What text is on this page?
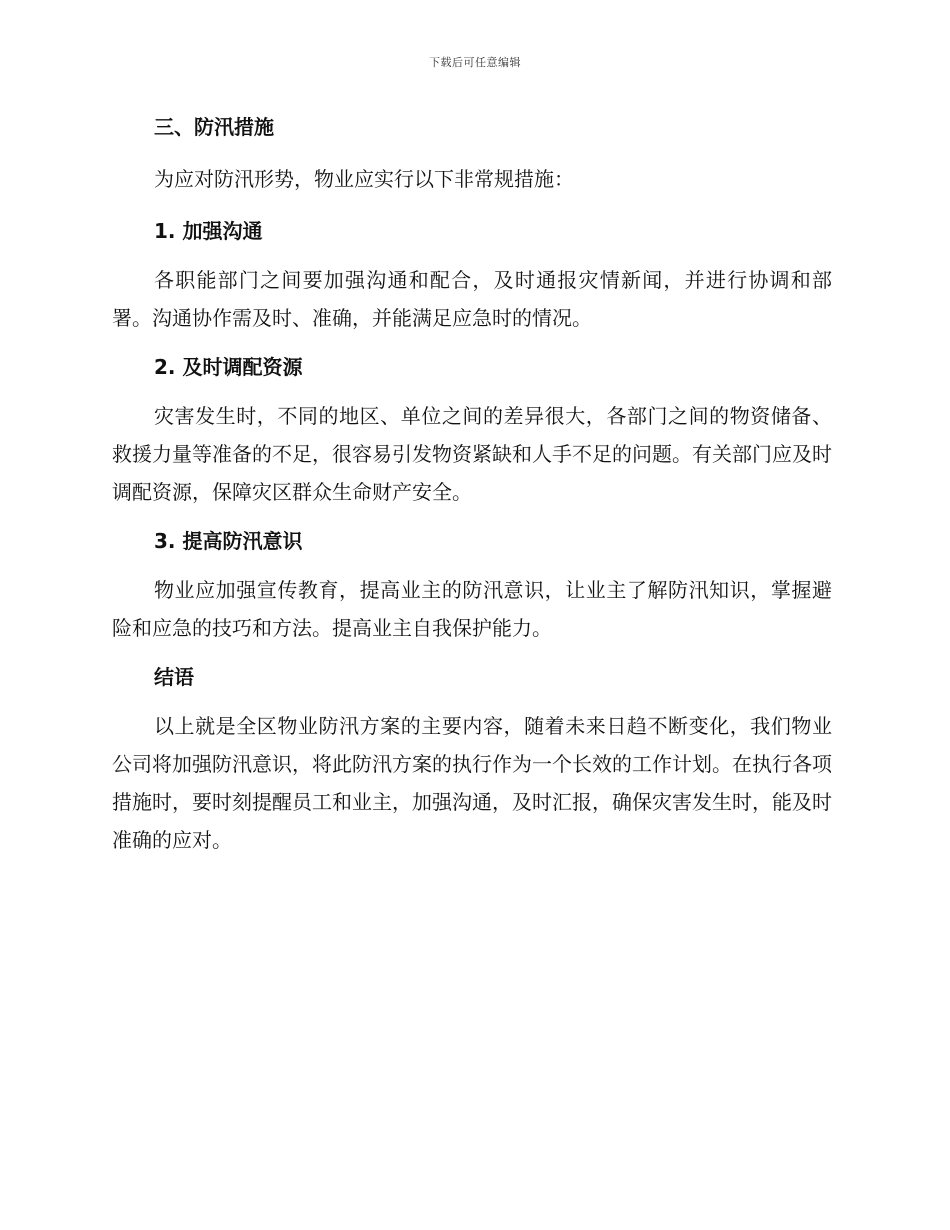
下载后可任意编辑
三、防汛措施

为应对防汛形势，物业应实行以下非常规措施：

1. 加强沟通

各职能部门之间要加强沟通和配合，及时通报灾情新闻，并进行协调和部署。沟通协作需及时、准确，并能满足应急时的情况。

2. 及时调配资源

灾害发生时，不同的地区、单位之间的差异很大，各部门之间的物资储备、救援力量等准备的不足，很容易引发物资紧缺和人手不足的问题。有关部门应及时调配资源，保障灾区群众生命财产安全。

3. 提高防汛意识

物业应加强宣传教育，提高业主的防汛意识，让业主了解防汛知识，掌握避险和应急的技巧和方法。提高业主自我保护能力。

结语

以上就是全区物业防汛方案的主要内容，随着未来日趋不断变化，我们物业公司将加强防汛意识，将此防汛方案的执行作为一个长效的工作计划。在执行各项措施时，要时刻提醒员工和业主，加强沟通，及时汇报，确保灾害发生时，能及时准确的应对。
